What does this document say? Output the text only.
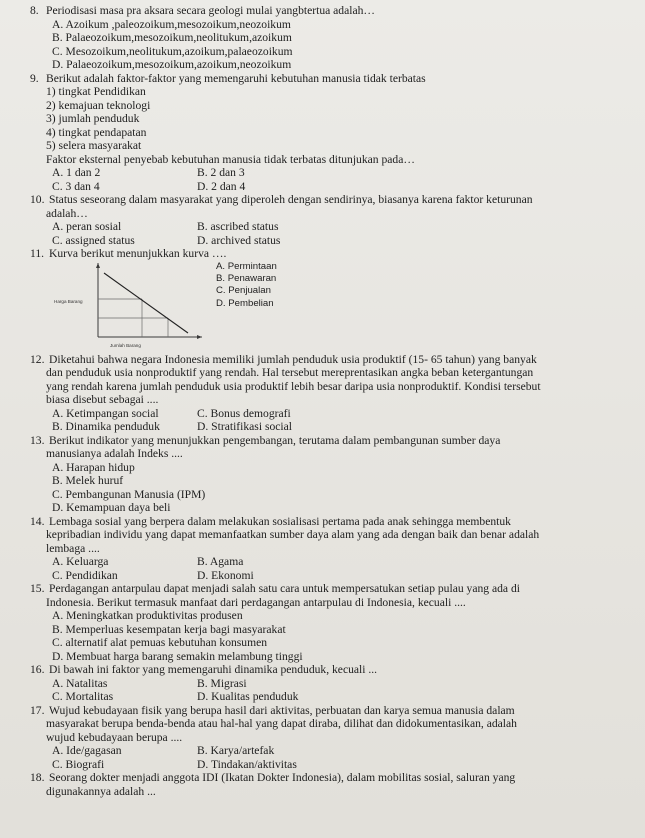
8. Periodisasi masa pra aksara secara geologi mulai yangbtertua adalah…
A. Azoikum ,paleozoikum,mesozoikum,neozoikum
B. Palaeozoikum,mesozoikum,neolitukum,azoikum
C. Mesozoikum,neolitukum,azoikum,palaeozoikum
D. Palaeozoikum,mesozoikum,azoikum,neozoikum
9. Berikut adalah faktor-faktor yang memengaruhi kebutuhan manusia tidak terbatas
1) tingkat Pendidikan
2) kemajuan teknologi
3) jumlah penduduk
4) tingkat pendapatan
5) selera masyarakat
Faktor eksternal penyebab kebutuhan manusia tidak terbatas ditunjukan pada…
A. 1 dan 2	B. 2 dan 3
C. 3 dan 4	D. 2 dan 4
10. Status seseorang dalam masyarakat yang diperoleh dengan sendirinya, biasanya karena faktor keturunan
adalah…
A. peran sosial	B. ascribed status
C. assigned status	D. archived status
11. Kurva berikut menunjukkan kurva ….
Harga Barang
Jumlah Barang
A. Permintaan
B. Penawaran
C. Penjualan
D. Pembelian
12. Diketahui bahwa negara Indonesia memiliki jumlah penduduk usia produktif (15- 65 tahun) yang banyak
dan penduduk usia nonproduktif yang rendah. Hal tersebut mereprentasikan angka beban ketergantungan
yang rendah karena jumlah penduduk usia produktif lebih besar daripa usia nonproduktif. Kondisi tersebut
biasa disebut sebagai ....
A. Ketimpangan social	C. Bonus demografi
B. Dinamika penduduk	D. Stratifikasi social
13. Berikut indikator yang menunjukkan pengembangan, terutama dalam pembangunan sumber daya
manusianya adalah Indeks ....
A. Harapan hidup
B. Melek huruf
C. Pembangunan Manusia (IPM)
D. Kemampuan daya beli
14. Lembaga sosial yang berpera dalam melakukan sosialisasi pertama pada anak sehingga membentuk
kepribadian individu yang dapat memanfaatkan sumber daya alam yang ada dengan baik dan benar adalah
lembaga ....
A. Keluarga	B. Agama
C. Pendidikan	D. Ekonomi
15. Perdagangan antarpulau dapat menjadi salah satu cara untuk mempersatukan setiap pulau yang ada di
Indonesia. Berikut termasuk manfaat dari perdagangan antarpulau di Indonesia, kecuali ....
A. Meningkatkan produktivitas produsen
B. Memperluas kesempatan kerja bagi masyarakat
C. alternatif alat pemuas kebutuhan konsumen
D. Membuat harga barang semakin melambung tinggi
16. Di bawah ini faktor yang memengaruhi dinamika penduduk, kecuali ...
A. Natalitas	B. Migrasi
C. Mortalitas	D. Kualitas penduduk
17. Wujud kebudayaan fisik yang berupa hasil dari aktivitas, perbuatan dan karya semua manusia dalam
masyarakat berupa benda-benda atau hal-hal yang dapat diraba, dilihat dan didokumentasikan, adalah
wujud kebudayaan berupa ....
A. Ide/gagasan	B. Karya/artefak
C. Biografi	D. Tindakan/aktivitas
18. Seorang dokter menjadi anggota IDI (Ikatan Dokter Indonesia), dalam mobilitas sosial, saluran yang
digunakannya adalah ...
